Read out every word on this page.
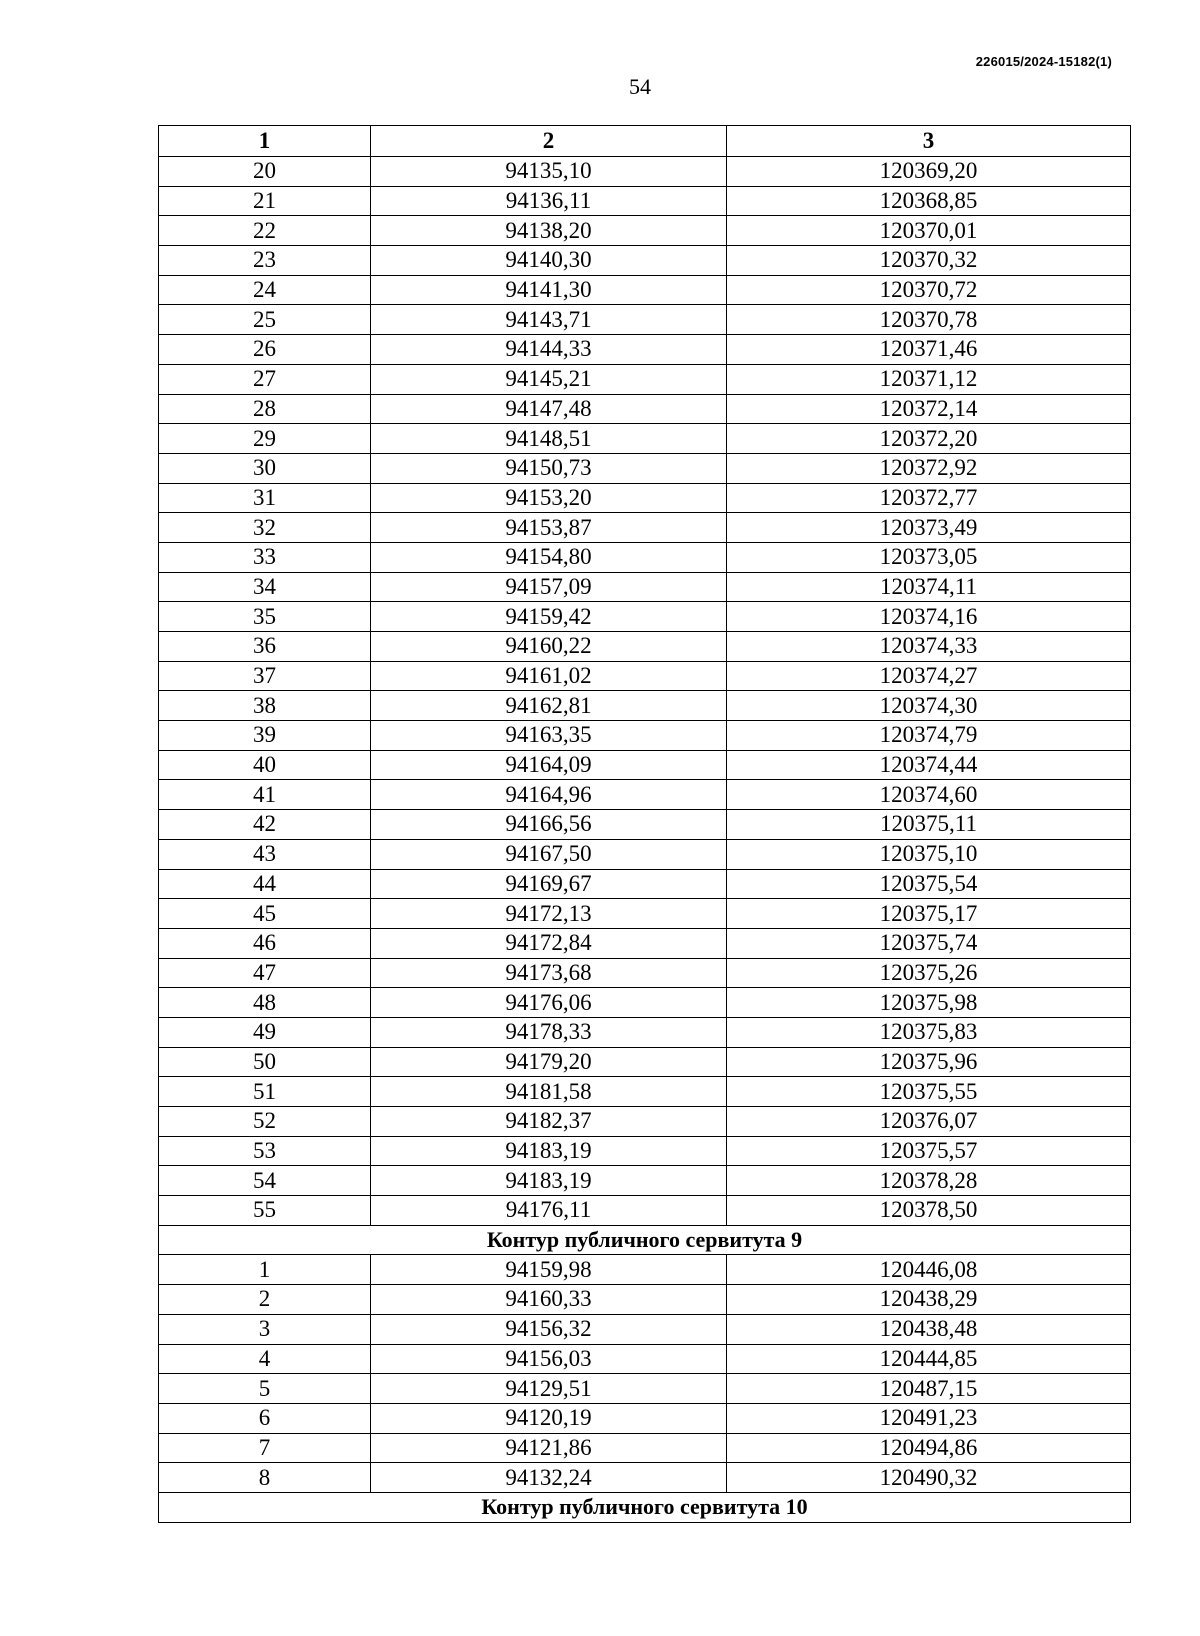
226015/2024-15182(1)
54
1	2	3
20	94135,10	120369,20
21	94136,11	120368,85
22	94138,20	120370,01
23	94140,30	120370,32
24	94141,30	120370,72
25	94143,71	120370,78
26	94144,33	120371,46
27	94145,21	120371,12
28	94147,48	120372,14
29	94148,51	120372,20
30	94150,73	120372,92
31	94153,20	120372,77
32	94153,87	120373,49
33	94154,80	120373,05
34	94157,09	120374,11
35	94159,42	120374,16
36	94160,22	120374,33
37	94161,02	120374,27
38	94162,81	120374,30
39	94163,35	120374,79
40	94164,09	120374,44
41	94164,96	120374,60
42	94166,56	120375,11
43	94167,50	120375,10
44	94169,67	120375,54
45	94172,13	120375,17
46	94172,84	120375,74
47	94173,68	120375,26
48	94176,06	120375,98
49	94178,33	120375,83
50	94179,20	120375,96
51	94181,58	120375,55
52	94182,37	120376,07
53	94183,19	120375,57
54	94183,19	120378,28
55	94176,11	120378,50
Контур публичного сервитута 9		
1	94159,98	120446,08
2	94160,33	120438,29
3	94156,32	120438,48
4	94156,03	120444,85
5	94129,51	120487,15
6	94120,19	120491,23
7	94121,86	120494,86
8	94132,24	120490,32
Контур публичного сервитута 10		
